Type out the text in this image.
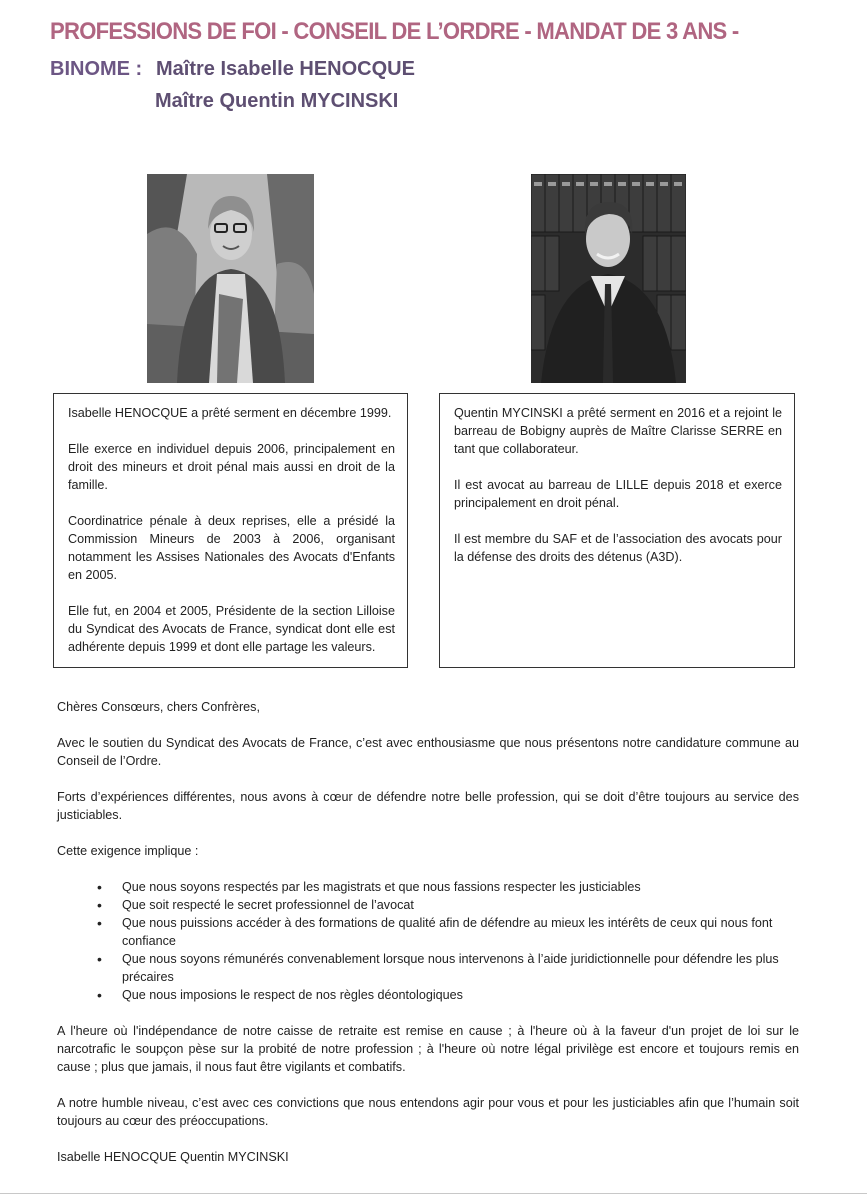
PROFESSIONS DE FOI - CONSEIL DE L’ORDRE - MANDAT DE 3 ANS -
BINOME : Maître Isabelle HENOCQUE
Maître Quentin MYCINSKI

Isabelle HENOCQUE a prêté serment en décembre 1999.

Elle exerce en individuel depuis 2006, principalement en droit des mineurs et droit pénal mais aussi en droit de la famille.

Coordinatrice pénale à deux reprises, elle a présidé la Commission Mineurs de 2003 à 2006, organisant notamment les Assises Nationales des Avocats d'Enfants en 2005.

Elle fut, en 2004 et 2005, Présidente de la section Lilloise du Syndicat des Avocats de France, syndicat dont elle est adhérente depuis 1999 et dont elle partage les valeurs.

Quentin MYCINSKI a prêté serment en 2016 et a rejoint le barreau de Bobigny auprès de Maître Clarisse SERRE en tant que collaborateur.

Il est avocat au barreau de LILLE depuis 2018 et exerce principalement en droit pénal.

Il est membre du SAF et de l’association des avocats pour la défense des droits des détenus (A3D).

Chères Consœurs, chers Confrères,

Avec le soutien du Syndicat des Avocats de France, c’est avec enthousiasme que nous présentons notre candidature commune au Conseil de l’Ordre.

Forts d’expériences différentes, nous avons à cœur de défendre notre belle profession, qui se doit d’être toujours au service des justiciables.

Cette exigence implique :

• Que nous soyons respectés par les magistrats et que nous fassions respecter les justiciables
• Que soit respecté le secret professionnel de l’avocat
• Que nous puissions accéder à des formations de qualité afin de défendre au mieux les intérêts de ceux qui nous font confiance
• Que nous soyons rémunérés convenablement lorsque nous intervenons à l’aide juridictionnelle pour défendre les plus précaires
• Que nous imposions le respect de nos règles déontologiques

A l'heure où l'indépendance de notre caisse de retraite est remise en cause ; à l'heure où à la faveur d'un projet de loi sur le narcotrafic le soupçon pèse sur la probité de notre profession ; à l'heure où notre légal privilège est encore et toujours remis en cause ; plus que jamais, il nous faut être vigilants et combatifs.

A notre humble niveau, c’est avec ces convictions que nous entendons agir pour vous et pour les justiciables afin que l’humain soit toujours au cœur des préoccupations.

Isabelle HENOCQUE Quentin MYCINSKI
